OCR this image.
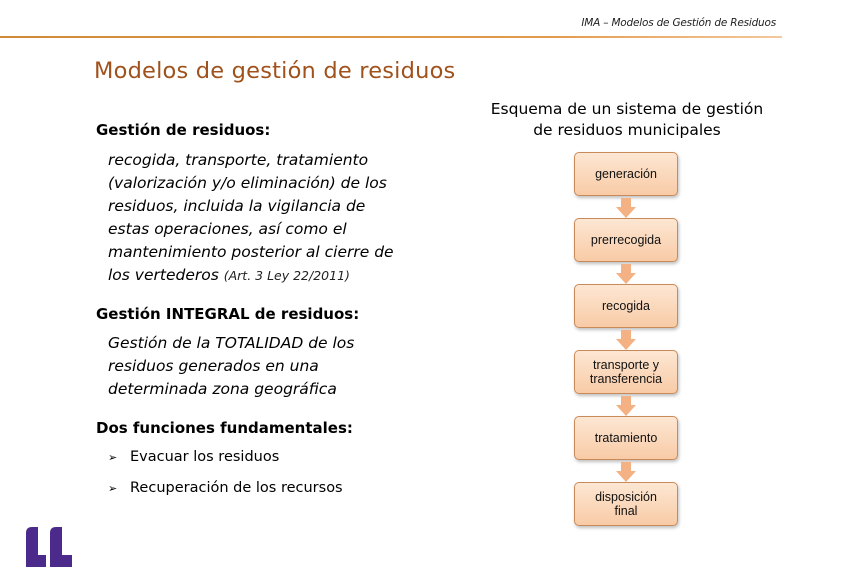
IMA – Modelos de Gestión de Residuos
Modelos de gestión de residuos
Gestión de residuos:
recogida, transporte, tratamiento
(valorización y/o eliminación) de los
residuos, incluida la vigilancia de
estas operaciones, así como el
mantenimiento posterior al cierre de
los vertederos (Art. 3 Ley 22/2011)
Gestión INTEGRAL de residuos:
Gestión de la TOTALIDAD de los
residuos generados en una
determinada zona geográfica
Dos funciones fundamentales:
➢ Evacuar los residuos
➢ Recuperación de los recursos
Esquema de un sistema de gestión
de residuos municipales
generación
prerrecogida
recogida
transporte y transferencia
tratamiento
disposición final
